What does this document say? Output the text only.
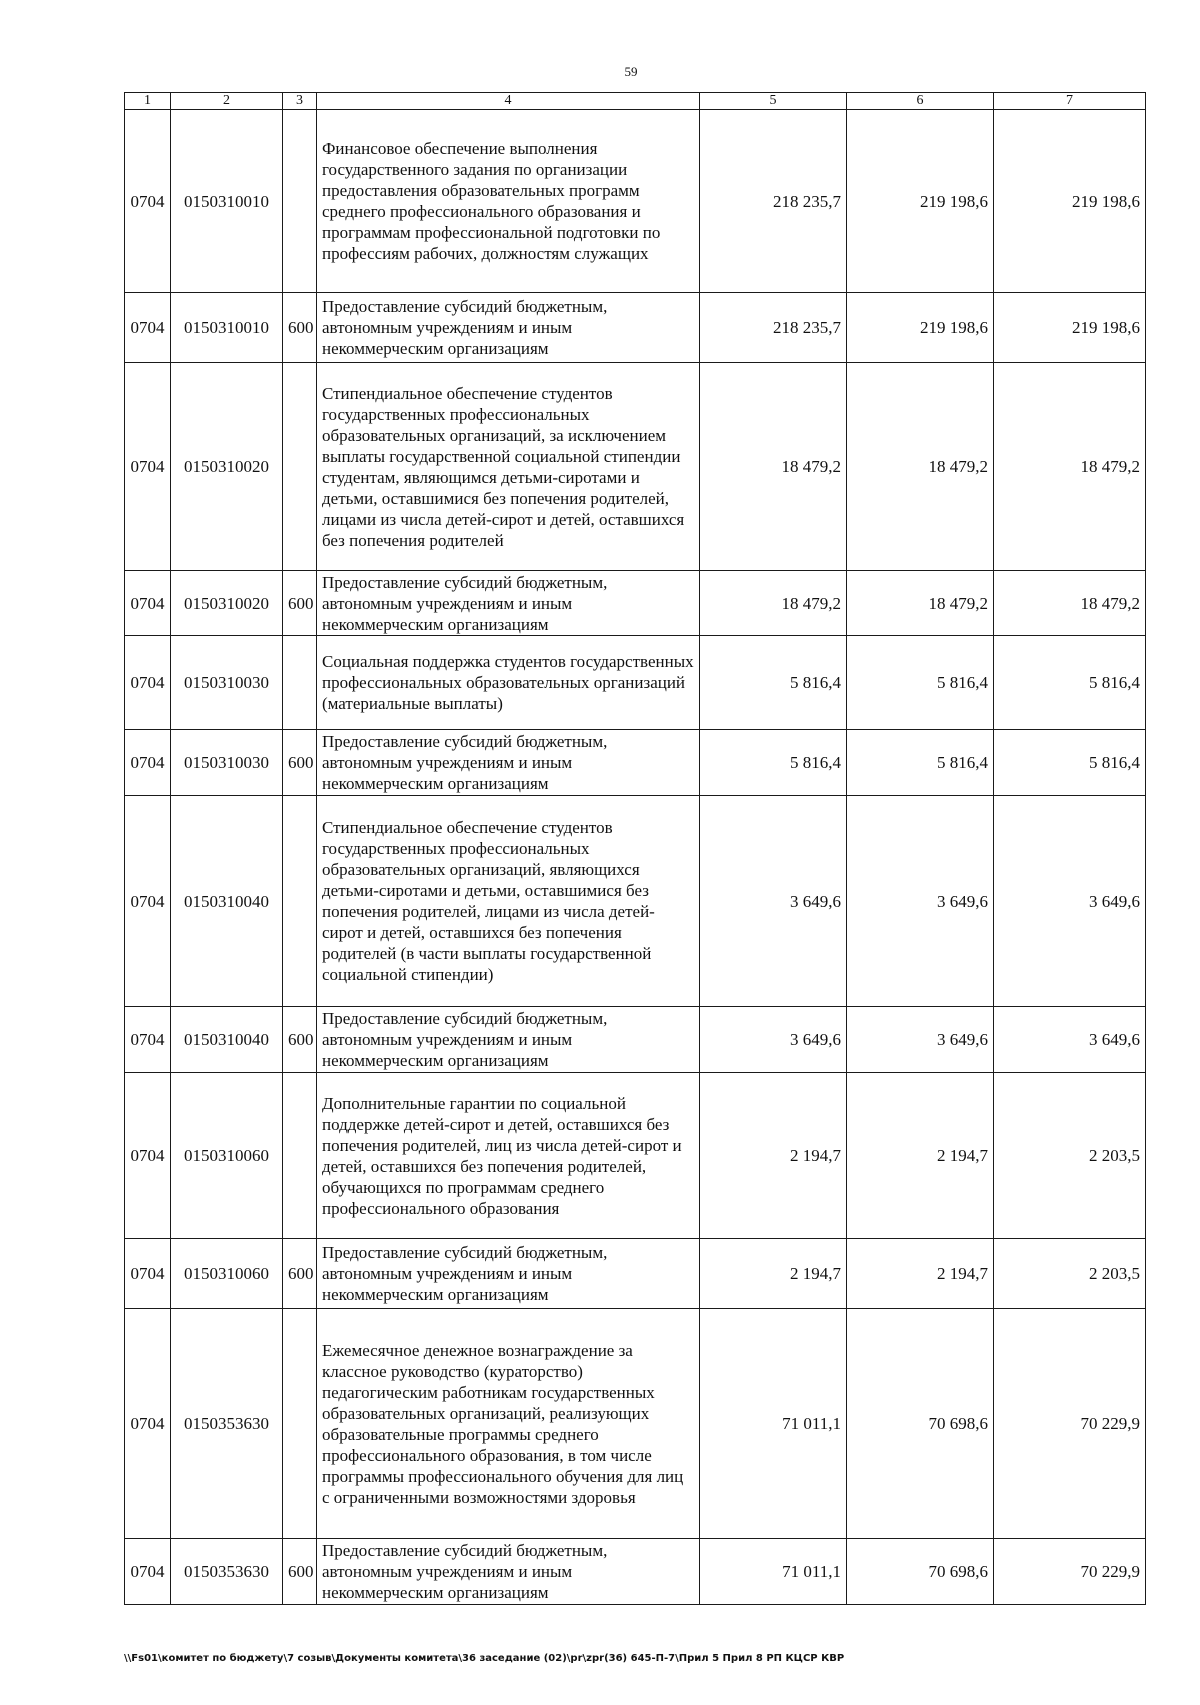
59
1	2	3	4	5	6	7
0704	0150310010		Финансовое обеспечение выполнения государственного задания по организации предоставления образовательных программ среднего профессионального образования и программам профессиональной подготовки по профессиям рабочих, должностям служащих	218 235,7	219 198,6	219 198,6
0704	0150310010	600	Предоставление субсидий бюджетным, автономным учреждениям и иным некоммерческим организациям	218 235,7	219 198,6	219 198,6
0704	0150310020		Стипендиальное обеспечение студентов государственных профессиональных образовательных организаций, за исключением выплаты государственной социальной стипендии студентам, являющимся детьми-сиротами и детьми, оставшимися без попечения родителей, лицами из числа детей-сирот и детей, оставшихся без попечения родителей	18 479,2	18 479,2	18 479,2
0704	0150310020	600	Предоставление субсидий бюджетным, автономным учреждениям и иным некоммерческим организациям	18 479,2	18 479,2	18 479,2
0704	0150310030		Социальная поддержка студентов государственных профессиональных образовательных организаций (материальные выплаты)	5 816,4	5 816,4	5 816,4
0704	0150310030	600	Предоставление субсидий бюджетным, автономным учреждениям и иным некоммерческим организациям	5 816,4	5 816,4	5 816,4
0704	0150310040		Стипендиальное обеспечение студентов государственных профессиональных образовательных организаций, являющихся детьми-сиротами и детьми, оставшимися без попечения родителей, лицами из числа детей-сирот и детей, оставшихся без попечения родителей (в части выплаты государственной социальной стипендии)	3 649,6	3 649,6	3 649,6
0704	0150310040	600	Предоставление субсидий бюджетным, автономным учреждениям и иным некоммерческим организациям	3 649,6	3 649,6	3 649,6
0704	0150310060		Дополнительные гарантии по социальной поддержке детей-сирот и детей, оставшихся без попечения родителей, лиц из числа детей-сирот и детей, оставшихся без попечения родителей, обучающихся по программам среднего профессионального образования	2 194,7	2 194,7	2 203,5
0704	0150310060	600	Предоставление субсидий бюджетным, автономным учреждениям и иным некоммерческим организациям	2 194,7	2 194,7	2 203,5
0704	0150353630		Ежемесячное денежное вознаграждение за классное руководство (кураторство) педагогическим работникам государственных образовательных организаций, реализующих образовательные программы среднего профессионального образования, в том числе программы профессионального обучения для лиц с ограниченными возможностями здоровья	71 011,1	70 698,6	70 229,9
0704	0150353630	600	Предоставление субсидий бюджетным, автономным учреждениям и иным некоммерческим организациям	71 011,1	70 698,6	70 229,9
\\Fs01\комитет по бюджету\7 созыв\Документы комитета\36 заседание (02)\pr\zpr(36) 645-П-7\Прил 5 Прил 8 РП КЦСР КВР
